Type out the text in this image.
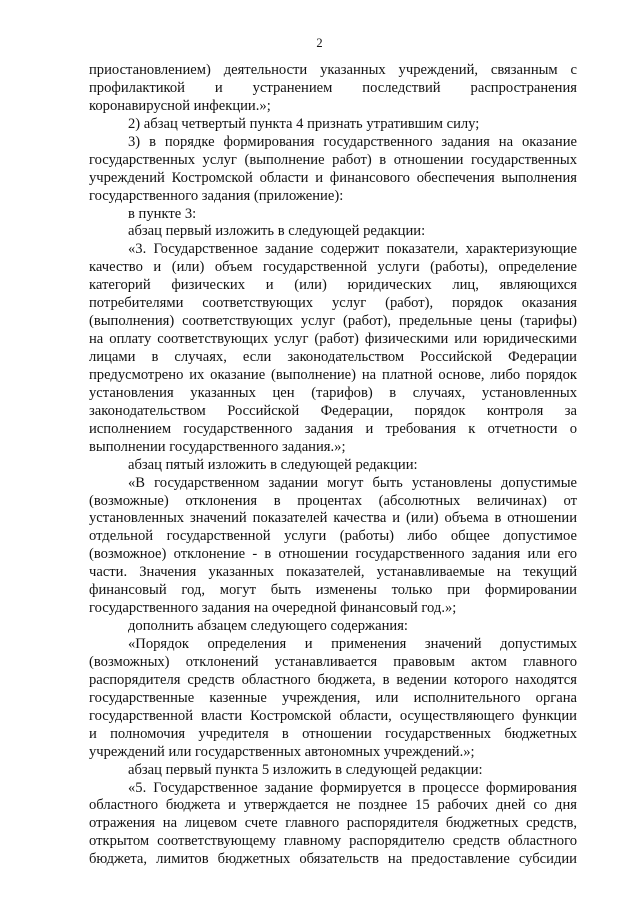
2
приостановлением) деятельности указанных учреждений, связанным с
профилактикой и устранением последствий распространения
коронавирусной инфекции.»;
2) абзац четвертый пункта 4 признать утратившим силу;
3) в порядке формирования государственного задания на оказание
государственных услуг (выполнение работ) в отношении государственных
учреждений Костромской области и финансового обеспечения выполнения
государственного задания (приложение):
в пункте 3:
абзац первый изложить в следующей редакции:
«3. Государственное задание содержит показатели, характеризующие
качество и (или) объем государственной услуги (работы), определение
категорий физических и (или) юридических лиц, являющихся
потребителями соответствующих услуг (работ), порядок оказания
(выполнения) соответствующих услуг (работ), предельные цены (тарифы)
на оплату соответствующих услуг (работ) физическими или юридическими
лицами в случаях, если законодательством Российской Федерации
предусмотрено их оказание (выполнение) на платной основе, либо порядок
установления указанных цен (тарифов) в случаях, установленных
законодательством Российской Федерации, порядок контроля за
исполнением государственного задания и требования к отчетности о
выполнении государственного задания.»;
абзац пятый изложить в следующей редакции:
«В государственном задании могут быть установлены допустимые
(возможные) отклонения в процентах (абсолютных величинах) от
установленных значений показателей качества и (или) объема в отношении
отдельной государственной услуги (работы) либо общее допустимое
(возможное) отклонение - в отношении государственного задания или его
части. Значения указанных показателей, устанавливаемые на текущий
финансовый год, могут быть изменены только при формировании
государственного задания на очередной финансовый год.»;
дополнить абзацем следующего содержания:
«Порядок определения и применения значений допустимых
(возможных) отклонений устанавливается правовым актом главного
распорядителя средств областного бюджета, в ведении которого находятся
государственные казенные учреждения, или исполнительного органа
государственной власти Костромской области, осуществляющего функции
и полномочия учредителя в отношении государственных бюджетных
учреждений или государственных автономных учреждений.»;
абзац первый пункта 5 изложить в следующей редакции:
«5. Государственное задание формируется в процессе формирования
областного бюджета и утверждается не позднее 15 рабочих дней со дня
отражения на лицевом счете главного распорядителя бюджетных средств,
открытом соответствующему главному распорядителю средств областного
бюджета, лимитов бюджетных обязательств на предоставление субсидии
